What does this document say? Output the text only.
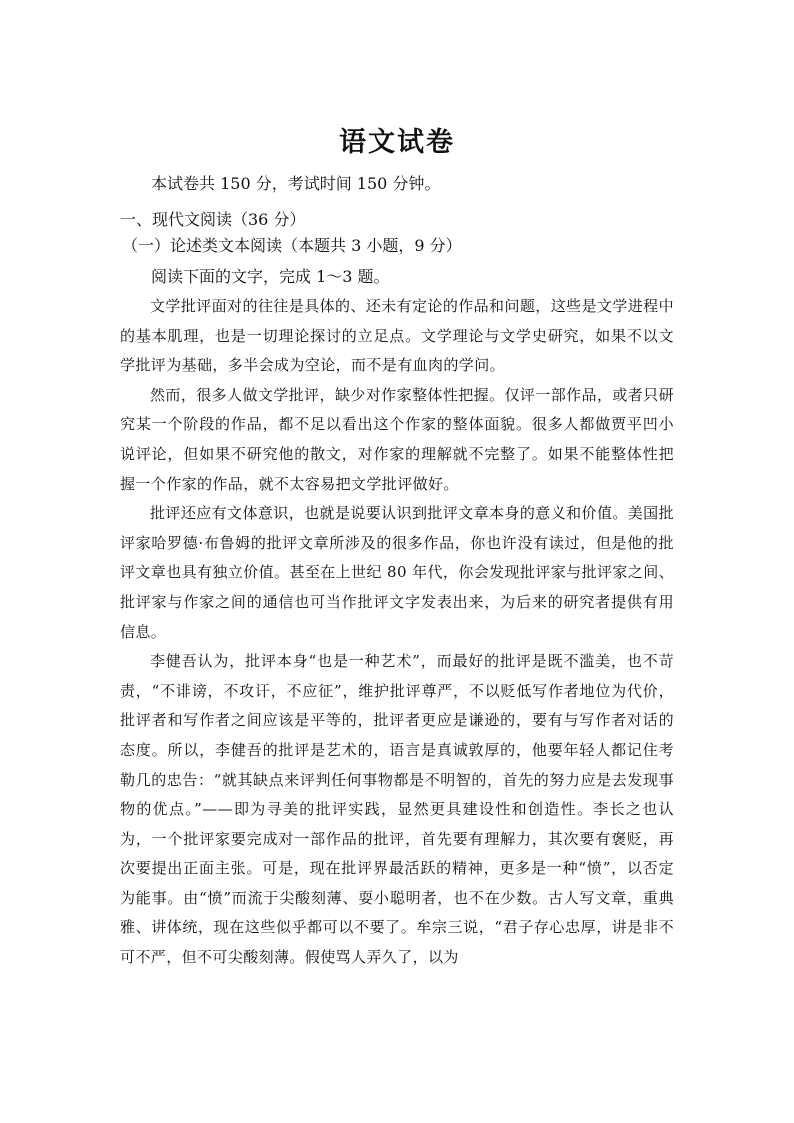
语文试卷
本试卷共 150 分，考试时间 150 分钟。
一、现代文阅读（36 分）
（一）论述类文本阅读（本题共 3 小题，9 分）
阅读下面的文字，完成 1～3 题。

文学批评面对的往往是具体的、还未有定论的作品和问题，这些是文学进程中的基本肌理，也是一切理论探讨的立足点。文学理论与文学史研究，如果不以文学批评为基础，多半会成为空论，而不是有血肉的学问。

然而，很多人做文学批评，缺少对作家整体性把握。仅评一部作品，或者只研究某一个阶段的作品，都不足以看出这个作家的整体面貌。很多人都做贾平凹小说评论，但如果不研究他的散文，对作家的理解就不完整了。如果不能整体性把握一个作家的作品，就不太容易把文学批评做好。

批评还应有文体意识，也就是说要认识到批评文章本身的意义和价值。美国批评家哈罗德·布鲁姆的批评文章所涉及的很多作品，你也许没有读过，但是他的批评文章也具有独立价值。甚至在上世纪 80 年代，你会发现批评家与批评家之间、批评家与作家之间的通信也可当作批评文字发表出来，为后来的研究者提供有用信息。

李健吾认为，批评本身“也是一种艺术”，而最好的批评是既不滥美，也不苛责，“不诽谤，不攻讦，不应征”，维护批评尊严，不以贬低写作者地位为代价，批评者和写作者之间应该是平等的，批评者更应是谦逊的，要有与写作者对话的态度。所以，李健吾的批评是艺术的，语言是真诚敦厚的，他要年轻人都记住考勒几的忠告：“就其缺点来评判任何事物都是不明智的，首先的努力应是去发现事物的优点。”——即为寻美的批评实践，显然更具建设性和创造性。李长之也认为，一个批评家要完成对一部作品的批评，首先要有理解力，其次要有褒贬，再次要提出正面主张。可是，现在批评界最活跃的精神，更多是一种“愤”，以否定为能事。由“愤”而流于尖酸刻薄、耍小聪明者，也不在少数。古人写文章，重典雅、讲体统，现在这些似乎都可以不要了。牟宗三说，“君子存心忠厚，讲是非不可不严，但不可尖酸刻薄。假使骂人弄久了，以为
